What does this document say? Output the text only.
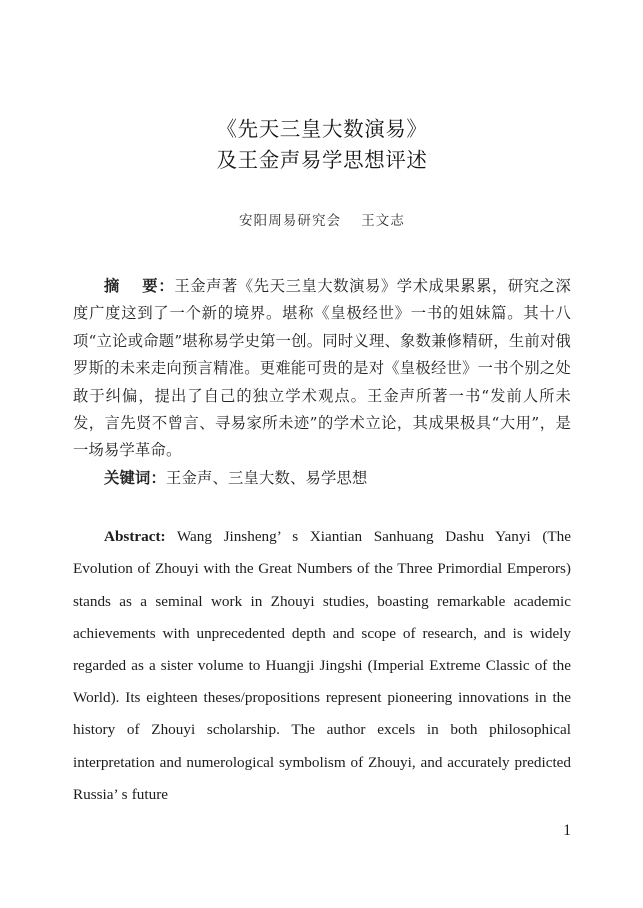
《先天三皇大数演易》
及王金声易学思想评述
安阳周易研究会　 王文志

摘　 要：王金声著《先天三皇大数演易》学术成果累累，研究之深度广度这到了一个新的境界。堪称《皇极经世》一书的姐妹篇。其十八项“立论或命题”堪称易学史第一创。同时义理、象数兼修精研，生前对俄罗斯的未来走向预言精准。更难能可贵的是对《皇极经世》一书个别之处敢于纠偏，提出了自己的独立学术观点。王金声所著一书“发前人所未发，言先贤不曾言、寻易家所未迹”的学术立论，其成果极具“大用”，是一场易学革命。

关键词：王金声、三皇大数、易学思想

Abstract: Wang Jinsheng’ s Xiantian Sanhuang Dashu Yanyi (The Evolution of Zhouyi with the Great Numbers of the Three Primordial Emperors) stands as a seminal work in Zhouyi studies, boasting remarkable academic achievements with unprecedented depth and scope of research, and is widely regarded as a sister volume to Huangji Jingshi (Imperial Extreme Classic of the World). Its eighteen theses/propositions represent pioneering innovations in the history of Zhouyi scholarship. The author excels in both philosophical interpretation and numerological symbolism of Zhouyi, and accurately predicted Russia’ s future

1
